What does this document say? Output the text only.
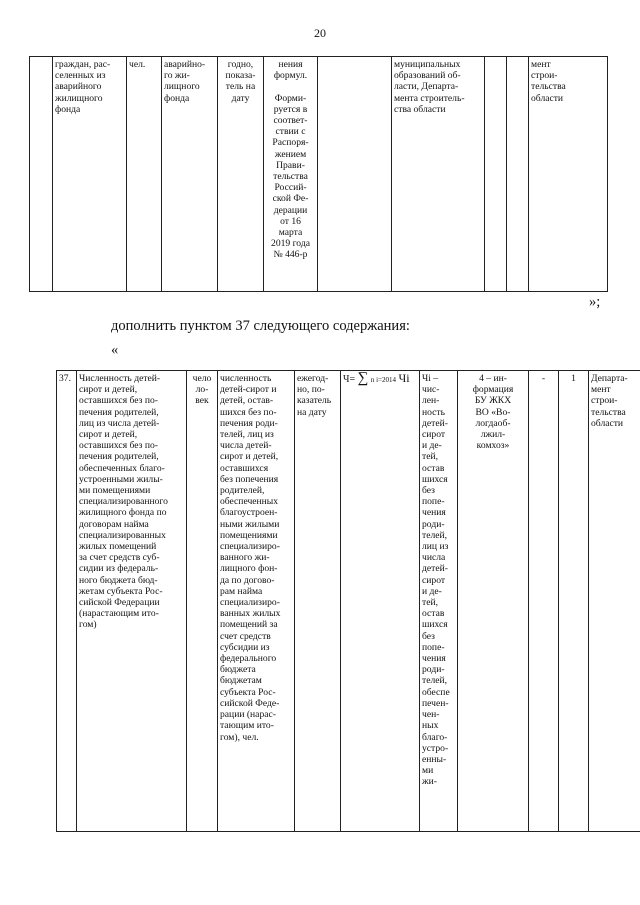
20
	граждан, рас-
селенных из
аварийного
жилищного
фонда	чел.	аварийно-
го жи-
лищного
фонда	годно,
показа-
тель на
дату	нения
формул.

Форми-
руется в
соответ-
ствии с
Распоря-
жением
Прави-
тельства
Россий-
ской Фе-
дерации
от 16
марта
2019 года
№ 446-р		муниципальных
образований об-
ласти, Департа-
мента строитель-
ства области			мент
строи-
тельства
области
»;
дополнить пунктом 37 следующего содержания:
«
37.	Численность детей-
сирот и детей,
оставшихся без по-
печения родителей,
лиц из числа детей-
сирот и детей,
оставшихся без по-
печения родителей,
обеспеченных благо-
устроенными жилы-
ми помещениями
специализированного
жилищного фонда по
договорам найма
специализированных
жилых помещений
за счет средств суб-
сидии из федераль-
ного бюджета бюд-
жетам субъекта Рос-
сийской Федерации
(нарастающим ито-
гом)	чело
ло-
век	численность
детей-сирот и
детей, остав-
шихся без по-
печения роди-
телей, лиц из
числа детей-
сирот и детей,
оставшихся
без попечения
родителей,
обеспеченных
благоустроен-
ными жилыми
помещениями
специализиро-
ванного жи-
лищного фон-
да по догово-
рам найма
специализиро-
ванных жилых
помещений за
счет средств
субсидии из
федерального
бюджета
бюджетам
субъекта Рос-
сийской Феде-
рации (нарас-
тающим ито-
гом), чел.	ежегод-
но, по-
казатель
на дату	Ч= ∑ n i=2014 Чi	Чi –
чис-
лен-
ность
детей-
сирот
и де-
тей,
остав
шихся
без
попе-
чения
роди-
телей,
лиц из
числа
детей-
сирот
и де-
тей,
остав
шихся
без
попе-
чения
роди-
телей,
обеспе
печен-
чен-
ных
благо-
устро-
енны-
ми
жи-	4 – ин-
формация
БУ ЖКХ
ВО «Во-
логдаоб-
лжил-
комхоз»	-	1	Департа-
мент
строи-
тельства
области
